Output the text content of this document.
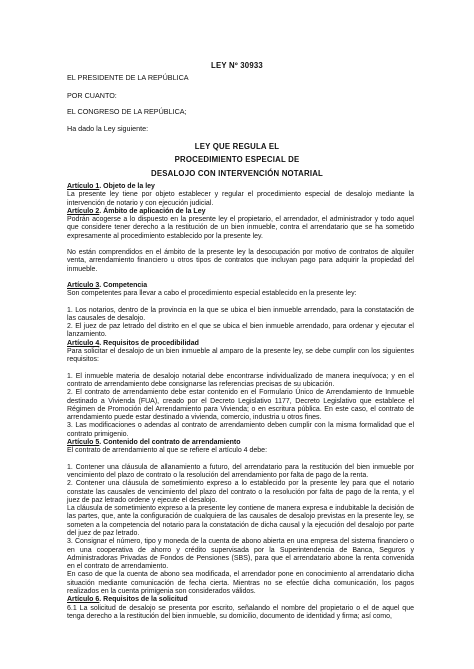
LEY Nº 30933
EL PRESIDENTE DE LA REPÚBLICA
POR CUANTO:
EL CONGRESO DE LA REPÚBLICA;
Ha dado la Ley siguiente:
LEY QUE REGULA EL
PROCEDIMIENTO ESPECIAL DE
DESALOJO CON INTERVENCIÓN NOTARIAL

Artículo 1. Objeto de la ley

La presente ley tiene por objeto establecer y regular el procedimiento especial de desalojo mediante la intervención de notario y con ejecución judicial.

Artículo 2. Ámbito de aplicación de la Ley

Podrán acogerse a lo dispuesto en la presente ley el propietario, el arrendador, el administrador y todo aquel que considere tener derecho a la restitución de un bien inmueble, contra el arrendatario que se ha sometido expresamente al procedimiento establecido por la presente ley.

No están comprendidos en el ámbito de la presente ley la desocupación por motivo de contratos de alquiler venta, arrendamiento financiero u otros tipos de contratos que incluyan pago para adquirir la propiedad del inmueble.

Artículo 3. Competencia

Son competentes para llevar a cabo el procedimiento especial establecido en la presente ley:

1. Los notarios, dentro de la provincia en la que se ubica el bien inmueble arrendado, para la constatación de las causales de desalojo.

2. El juez de paz letrado del distrito en el que se ubica el bien inmueble arrendado, para ordenar y ejecutar el lanzamiento.

Artículo 4. Requisitos de procedibilidad

Para solicitar el desalojo de un bien inmueble al amparo de la presente ley, se debe cumplir con los siguientes requisitos:

1. El inmueble materia de desalojo notarial debe encontrarse individualizado de manera inequívoca; y en el contrato de arrendamiento debe consignarse las referencias precisas de su ubicación.

2. El contrato de arrendamiento debe estar contenido en el Formulario Único de Arrendamiento de Inmueble destinado a Vivienda (FUA), creado por el Decreto Legislativo 1177, Decreto Legislativo que establece el Régimen de Promoción del Arrendamiento para Vivienda; o en escritura pública. En este caso, el contrato de arrendamiento puede estar destinado a vivienda, comercio, industria u otros fines.

3. Las modificaciones o adendas al contrato de arrendamiento deben cumplir con la misma formalidad que el contrato primigenio.

Artículo 5. Contenido del contrato de arrendamiento

El contrato de arrendamiento al que se refiere el artículo 4 debe:

1. Contener una cláusula de allanamiento a futuro, del arrendatario para la restitución del bien inmueble por vencimiento del plazo de contrato o la resolución del arrendamiento por falta de pago de la renta.

2. Contener una cláusula de sometimiento expreso a lo establecido por la presente ley para que el notario constate las causales de vencimiento del plazo del contrato o la resolución por falta de pago de la renta, y el juez de paz letrado ordene y ejecute el desalojo.

La cláusula de sometimiento expreso a la presente ley contiene de manera expresa e indubitable la decisión de las partes, que, ante la configuración de cualquiera de las causales de desalojo previstas en la presente ley, se someten a la competencia del notario para la constatación de dicha causal y la ejecución del desalojo por parte del juez de paz letrado.

3. Consignar el número, tipo y moneda de la cuenta de abono abierta en una empresa del sistema financiero o en una cooperativa de ahorro y crédito supervisada por la Superintendencia de Banca, Seguros y Administradoras Privadas de Fondos de Pensiones (SBS), para que el arrendatario abone la renta convenida en el contrato de arrendamiento.

En caso de que la cuenta de abono sea modificada, el arrendador pone en conocimiento al arrendatario dicha situación mediante comunicación de fecha cierta. Mientras no se efectúe dicha comunicación, los pagos realizados en la cuenta primigenia son considerados válidos.

Artículo 6. Requisitos de la solicitud

6.1 La solicitud de desalojo se presenta por escrito, señalando el nombre del propietario o el de aquel que tenga derecho a la restitución del bien inmueble, su domicilio, documento de identidad y firma; así como,
